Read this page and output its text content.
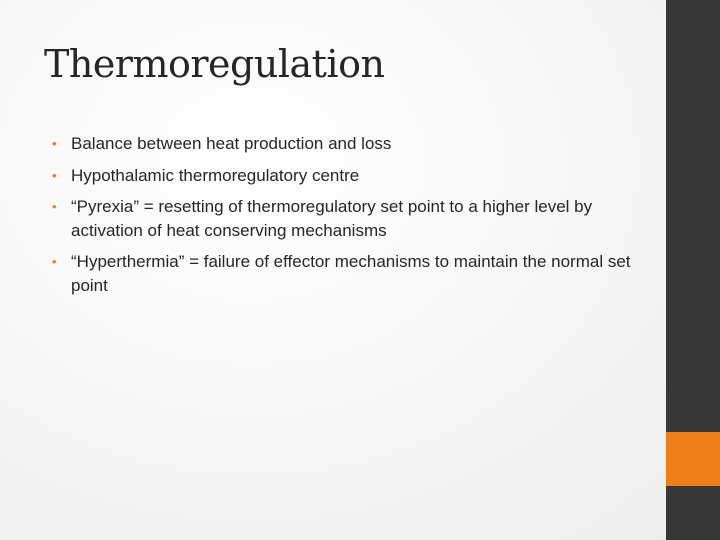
Thermoregulation
• Balance between heat production and loss
• Hypothalamic thermoregulatory centre
• “Pyrexia” = resetting of thermoregulatory set point to a higher level by activation of heat conserving mechanisms
• “Hyperthermia” = failure of effector mechanisms to maintain the normal set point
